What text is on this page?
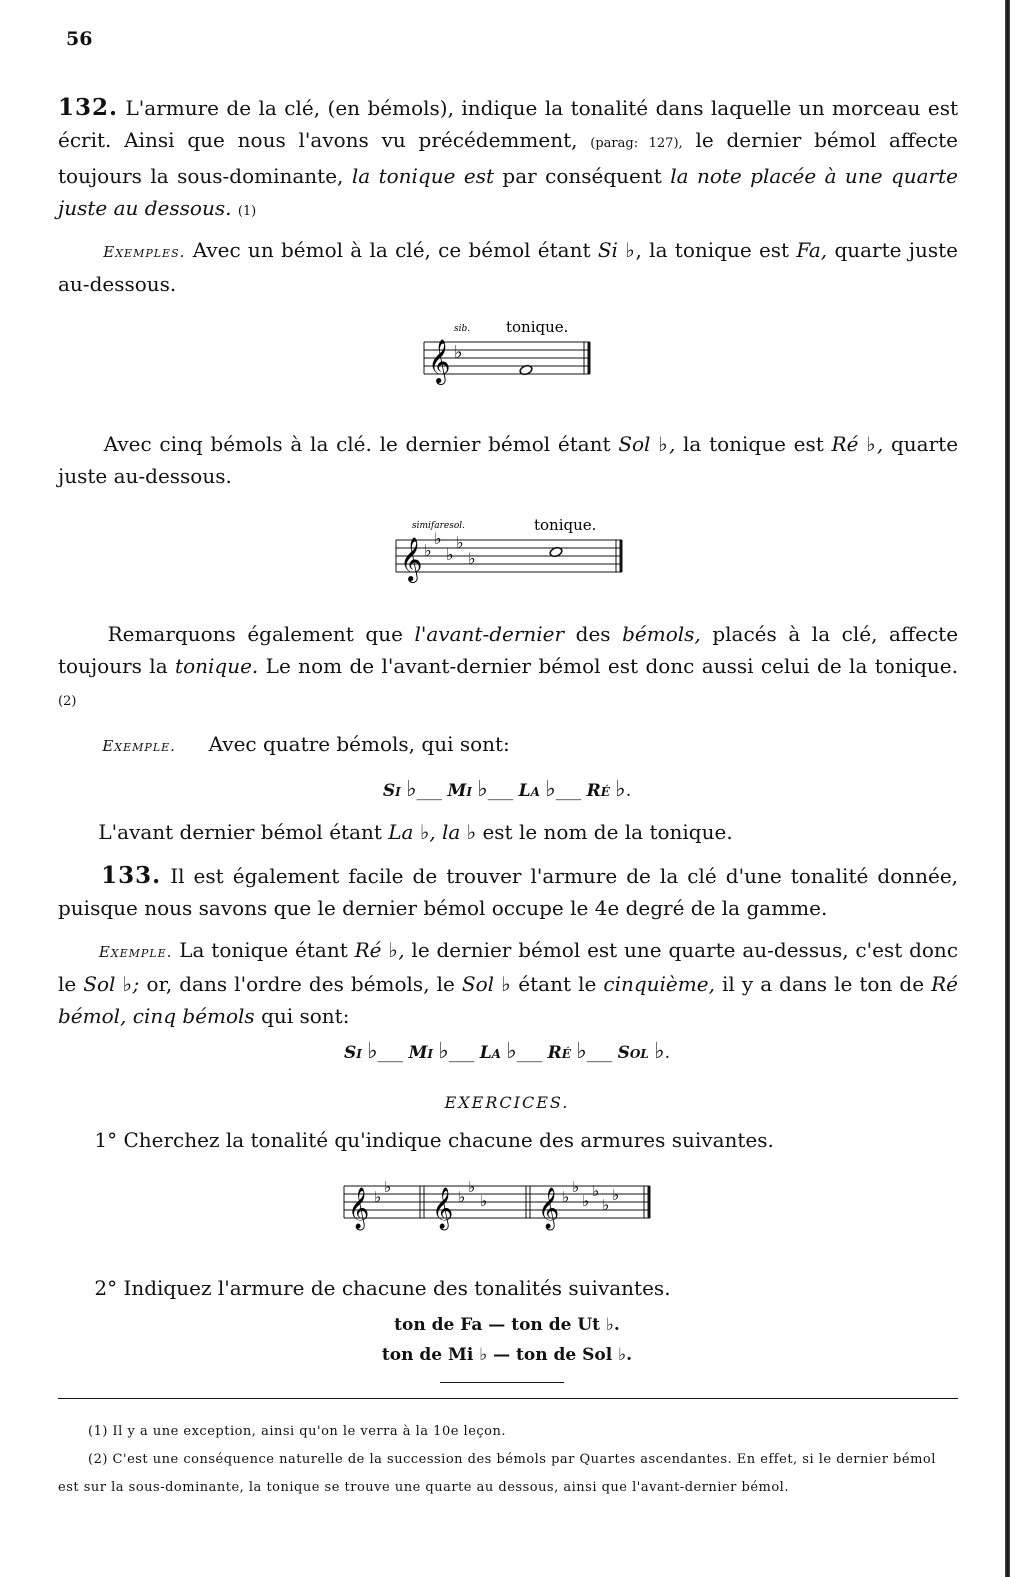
56

132. L'armure de la clé, (en bémols), indique la tonalité dans laquelle un morceau est écrit. Ainsi que nous l'avons vu précédemment, (parag: 127), le dernier bémol affecte toujours la sous-dominante, la tonique est par conséquent la note placée à une quarte juste au dessous. (1)

Exemples. Avec un bémol à la clé, ce bémol étant Si ♭, la tonique est Fa, quarte juste au-dessous.

sib. tonique.
𝄞 ♭

Avec cinq bémols à la clé. le dernier bémol étant Sol ♭, la tonique est Ré ♭, quarte juste au-dessous.

simifaresol.	tonique.
𝄞 ♭
♭
♭
♭
♭

Remarquons également que l'avant-dernier des bémols, placés à la clé, affecte toujours la tonique. Le nom de l'avant-dernier bémol est donc aussi celui de la tonique. (2)

Exemple. Avec quatre bémols, qui sont:

Si ♭___ Mi ♭___ La ♭___ Ré ♭.

L'avant dernier bémol étant La ♭, la ♭ est le nom de la tonique.

133. Il est également facile de trouver l'armure de la clé d'une tonalité donnée, puisque nous savons que le dernier bémol occupe le 4e degré de la gamme.

Exemple. La tonique étant Ré ♭, le dernier bémol est une quarte au-dessus, c'est donc le Sol ♭; or, dans l'ordre des bémols, le Sol ♭ étant le cinquième, il y a dans le ton de Ré bémol, cinq bémols qui sont:

Si ♭___ Mi ♭___ La ♭___ Ré ♭___ Sol ♭.
EXERCICES.

1° Cherchez la tonalité qu'indique chacune des armures suivantes.

𝄞 ♭
♭
𝄞 ♭
♭
♭ 𝄞 ♭
♭
♭
♭
♭
♭

2° Indiquez l'armure de chacune des tonalités suivantes.

ton de Fa — ton de Ut ♭.
ton de Mi ♭ — ton de Sol ♭.

(1) Il y a une exception, ainsi qu'on le verra à la 10e leçon.

(2) C'est une conséquence naturelle de la succession des bémols par Quartes ascendantes. En effet, si le dernier bémol est sur la sous-dominante, la tonique se trouve une quarte au dessous, ainsi que l'avant-dernier bémol.
